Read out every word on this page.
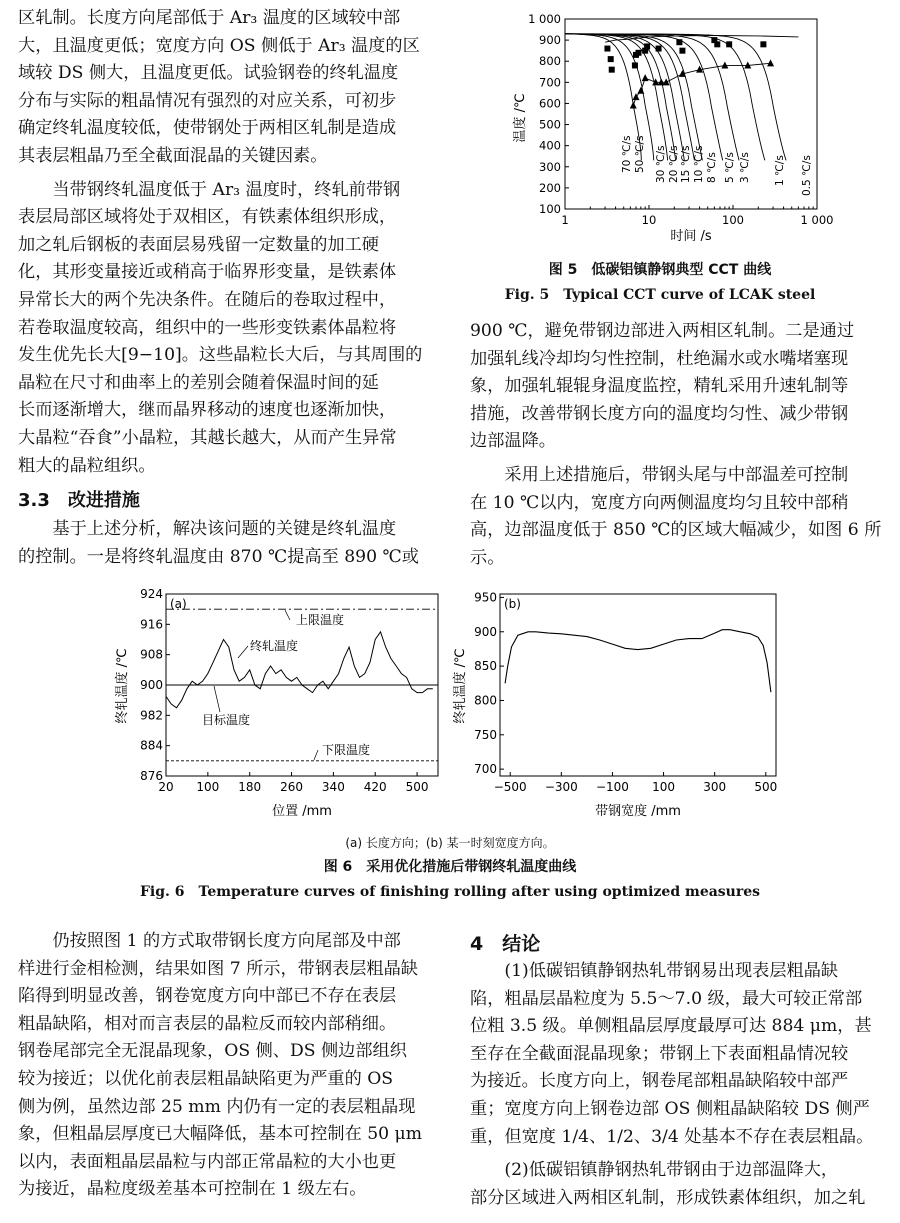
区轧制。长度方向尾部低于 Ar₃ 温度的区域较中部

大，且温度更低；宽度方向 OS 侧低于 Ar₃ 温度的区

域较 DS 侧大，且温度更低。试验钢卷的终轧温度

分布与实际的粗晶情况有强烈的对应关系，可初步

确定终轧温度较低，使带钢处于两相区轧制是造成

其表层粗晶乃至全截面混晶的关键因素。

当带钢终轧温度低于 Ar₃ 温度时，终轧前带钢

表层局部区域将处于双相区，有铁素体组织形成，

加之轧后钢板的表面层易残留一定数量的加工硬

化，其形变量接近或稍高于临界形变量，是铁素体

异常长大的两个先决条件。在随后的卷取过程中，

若卷取温度较高，组织中的一些形变铁素体晶粒将

发生优先长大[9−10]。这些晶粒长大后，与其周围的

晶粒在尺寸和曲率上的差别会随着保温时间的延

长而逐渐增大，继而晶界移动的速度也逐渐加快，

大晶粒“吞食”小晶粒，其越长越大，从而产生异常

粗大的晶粒组织。

3.3　改进措施

基于上述分析，解决该问题的关键是终轧温度

的控制。一是将终轧温度由 870 ℃提高至 890 ℃或

70 ℃/s 50 ℃/s 30 ℃/s 20 ℃/s 15 ℃/s 10 ℃/s 8 ℃/s 5 ℃/s 3 ℃/s 1 ℃/s 0.5 ℃/s
100
200
300
400
500
600
700
800
900
1 000
1	10	100	1 000
温度 /℃
时间 /s
图 5　低碳铝镇静钢典型 CCT 曲线
Fig. 5　Typical CCT curve of LCAK steel

900 ℃，避免带钢边部进入两相区轧制。二是通过

加强轧线冷却均匀性控制，杜绝漏水或水嘴堵塞现

象，加强轧辊辊身温度监控，精轧采用升速轧制等

措施，改善带钢长度方向的温度均匀性、减少带钢

边部温降。

采用上述措施后，带钢头尾与中部温差可控制

在 10 ℃以内，宽度方向两侧温度均匀且较中部稍

高，边部温度低于 850 ℃的区域大幅减少，如图 6 所

示。

876
884
982
900
908
916
924
20 100 180 260 340 420 500
(a)
上限温度
终轧温度
目标温度
下限温度
终轧温度 /℃
位置 /mm
700
750
800
850
900
950
−500 −300 −100 100 300 500
(b)
终轧温度 /℃
带钢宽度 /mm
(a) 长度方向；(b) 某一时刻宽度方向。
图 6　采用优化措施后带钢终轧温度曲线
Fig. 6　Temperature curves of finishing rolling after using optimized measures

仍按照图 1 的方式取带钢长度方向尾部及中部

样进行金相检测，结果如图 7 所示，带钢表层粗晶缺

陷得到明显改善，钢卷宽度方向中部已不存在表层

粗晶缺陷，相对而言表层的晶粒反而较内部稍细。

钢卷尾部完全无混晶现象，OS 侧、DS 侧边部组织

较为接近；以优化前表层粗晶缺陷更为严重的 OS

侧为例，虽然边部 25 mm 内仍有一定的表层粗晶现

象，但粗晶层厚度已大幅降低，基本可控制在 50 μm

以内，表面粗晶层晶粒与内部正常晶粒的大小也更

为接近，晶粒度级差基本可控制在 1 级左右。

4　结论

(1)低碳铝镇静钢热轧带钢易出现表层粗晶缺

陷，粗晶层晶粒度为 5.5～7.0 级，最大可较正常部

位粗 3.5 级。单侧粗晶层厚度最厚可达 884 μm，甚

至存在全截面混晶现象；带钢上下表面粗晶情况较

为接近。长度方向上，钢卷尾部粗晶缺陷较中部严

重；宽度方向上钢卷边部 OS 侧粗晶缺陷较 DS 侧严

重，但宽度 1/4、1/2、3/4 处基本不存在表层粗晶。

(2)低碳铝镇静钢热轧带钢由于边部温降大，

部分区域进入两相区轧制，形成铁素体组织，加之轧
